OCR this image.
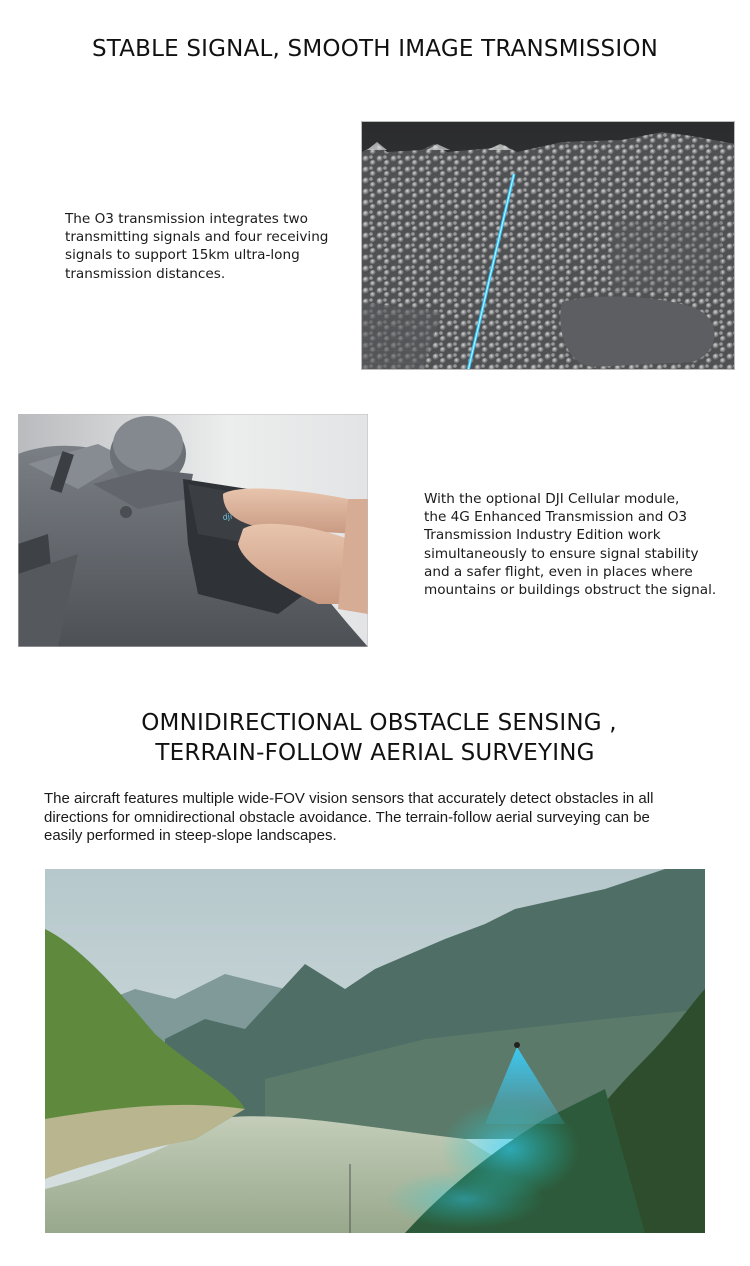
STABLE SIGNAL, SMOOTH IMAGE TRANSMISSION
The O3 transmission integrates two
transmitting signals and four receiving
signals to support 15km ultra-long
transmission distances.
dji
With the optional DJI Cellular module,
the 4G Enhanced Transmission and O3
Transmission Industry Edition work
simultaneously to ensure signal stability
and a safer flight, even in places where
mountains or buildings obstruct the signal.
OMNIDIRECTIONAL OBSTACLE SENSING ,
TERRAIN-FOLLOW AERIAL SURVEYING
The aircraft features multiple wide-FOV vision sensors that accurately detect obstacles in all
directions for omnidirectional obstacle avoidance. The terrain-follow aerial surveying can be
easily performed in steep-slope landscapes.
